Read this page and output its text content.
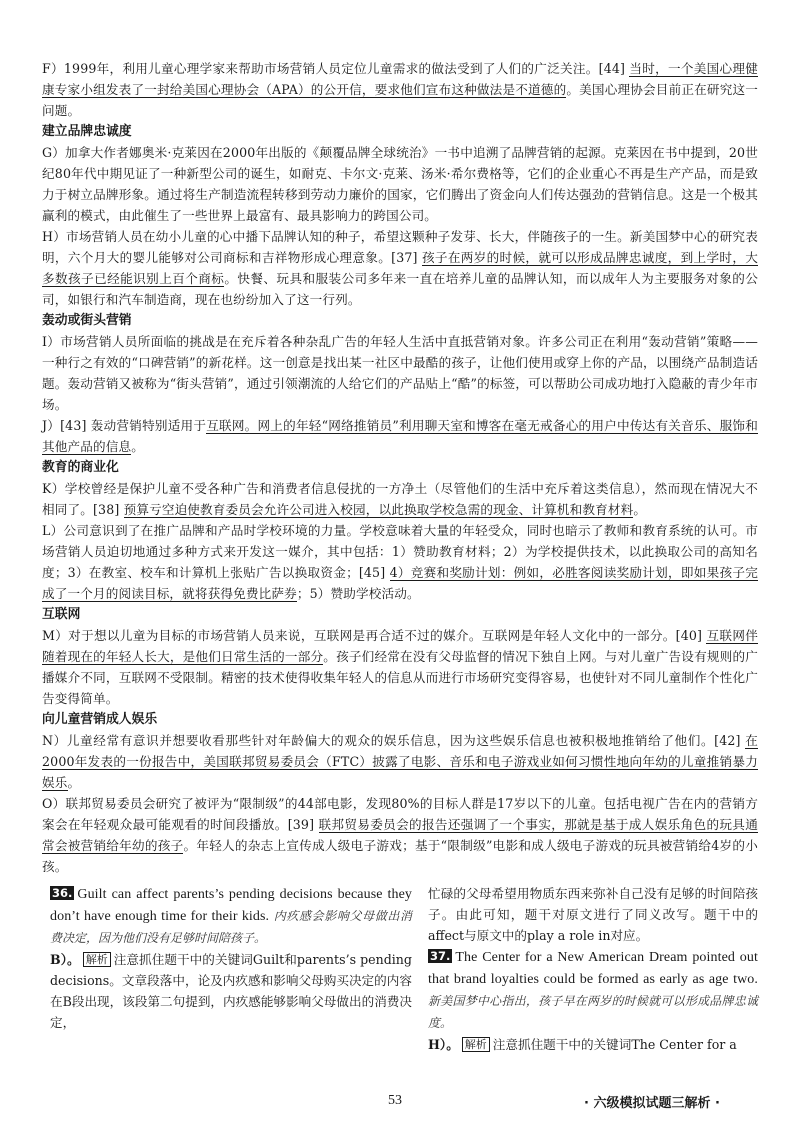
F）1999年，利用儿童心理学家来帮助市场营销人员定位儿童需求的做法受到了人们的广泛关注。[44] 当时，一个美国心理健康专家小组发表了一封给美国心理协会（APA）的公开信，要求他们宣布这种做法是不道德的。美国心理协会目前正在研究这一问题。

建立品牌忠诚度

G）加拿大作者娜奥米·克莱因在2000年出版的《颠覆品牌全球统治》一书中追溯了品牌营销的起源。克莱因在书中提到，20世纪80年代中期见证了一种新型公司的诞生，如耐克、卡尔文·克莱、汤米·希尔费格等，它们的企业重心不再是生产产品，而是致力于树立品牌形象。通过将生产制造流程转移到劳动力廉价的国家，它们腾出了资金向人们传达强劲的营销信息。这是一个极其赢利的模式，由此催生了一些世界上最富有、最具影响力的跨国公司。

H）市场营销人员在幼小儿童的心中播下品牌认知的种子，希望这颗种子发芽、长大，伴随孩子的一生。新美国梦中心的研究表明，六个月大的婴儿能够对公司商标和吉祥物形成心理意象。[37] 孩子在两岁的时候，就可以形成品牌忠诚度，到上学时，大多数孩子已经能识别上百个商标。快餐、玩具和服装公司多年来一直在培养儿童的品牌认知，而以成年人为主要服务对象的公司，如银行和汽车制造商，现在也纷纷加入了这一行列。

轰动或街头营销

I）市场营销人员所面临的挑战是在充斥着各种杂乱广告的年轻人生活中直抵营销对象。许多公司正在利用“轰动营销”策略——一种行之有效的“口碑营销”的新花样。这一创意是找出某一社区中最酷的孩子，让他们使用或穿上你的产品，以围绕产品制造话题。轰动营销又被称为“街头营销”，通过引领潮流的人给它们的产品贴上“酷”的标签，可以帮助公司成功地打入隐蔽的青少年市场。

J）[43] 轰动营销特别适用于互联网。网上的年轻“网络推销员”利用聊天室和博客在毫无戒备心的用户中传达有关音乐、服饰和其他产品的信息。

教育的商业化

K）学校曾经是保护儿童不受各种广告和消费者信息侵扰的一方净土（尽管他们的生活中充斥着这类信息），然而现在情况大不相同了。[38] 预算亏空迫使教育委员会允许公司进入校园，以此换取学校急需的现金、计算机和教育材料。

L）公司意识到了在推广品牌和产品时学校环境的力量。学校意味着大量的年轻受众，同时也暗示了教师和教育系统的认可。市场营销人员迫切地通过多种方式来开发这一媒介，其中包括：1）赞助教育材料；2）为学校提供技术，以此换取公司的高知名度；3）在教室、校车和计算机上张贴广告以换取资金；[45] 4）竞赛和奖励计划：例如，必胜客阅读奖励计划，即如果孩子完成了一个月的阅读目标，就将获得免费比萨券；5）赞助学校活动。

互联网

M）对于想以儿童为目标的市场营销人员来说，互联网是再合适不过的媒介。互联网是年轻人文化中的一部分。[40] 互联网伴随着现在的年轻人长大，是他们日常生活的一部分。孩子们经常在没有父母监督的情况下独自上网。与对儿童广告设有规则的广播媒介不同，互联网不受限制。精密的技术使得收集年轻人的信息从而进行市场研究变得容易，也使针对不同儿童制作个性化广告变得简单。

向儿童营销成人娱乐

N）儿童经常有意识并想要收看那些针对年龄偏大的观众的娱乐信息，因为这些娱乐信息也被积极地推销给了他们。[42] 在2000年发表的一份报告中，美国联邦贸易委员会（FTC）披露了电影、音乐和电子游戏业如何习惯性地向年幼的儿童推销暴力娱乐。

O）联邦贸易委员会研究了被评为“限制级”的44部电影，发现80%的目标人群是17岁以下的儿童。包括电视广告在内的营销方案会在年轻观众最可能观看的时间段播放。[39] 联邦贸易委员会的报告还强调了一个事实，那就是基于成人娱乐角色的玩具通常会被营销给年幼的孩子。年轻人的杂志上宣传成人级电子游戏；基于“限制级”电影和成人级电子游戏的玩具被营销给4岁的小孩。

36. Guilt can affect parents’s pending decisions because they don’t have enough time for their kids. 内疚感会影响父母做出消费决定，因为他们没有足够时间陪孩子。

B）。 解析 注意抓住题干中的关键词Guilt和parents’s pending decisions。文章段落中，论及内疚感和影响父母购买决定的内容在B段出现，该段第二句提到，内疚感能够影响父母做出的消费决定，

忙碌的父母希望用物质东西来弥补自己没有足够的时间陪孩子。由此可知，题干对原文进行了同义改写。题干中的affect与原文中的play a role in对应。

37. The Center for a New American Dream pointed out that brand loyalties could be formed as early as age two. 新美国梦中心指出，孩子早在两岁的时候就可以形成品牌忠诚度。

H）。 解析 注意抓住题干中的关键词The Center for a

53	· 六级模拟试题三解析 ·
